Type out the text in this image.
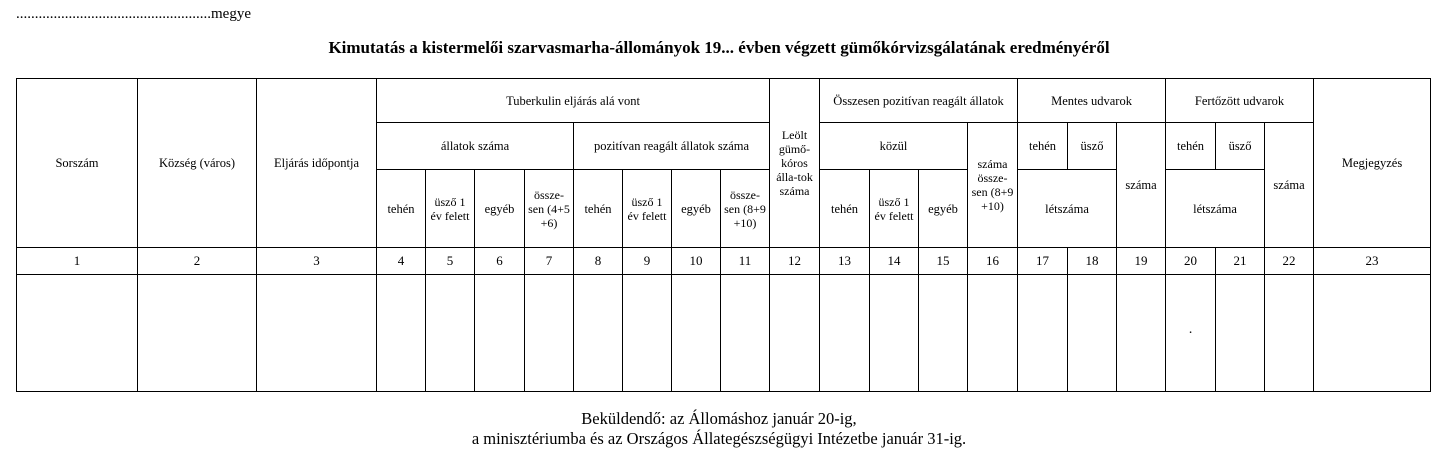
....................................................megye
Kimutatás a kistermelői szarvasmarha-állományok 19... évben végzett gümőkórvizsgálatának eredményéről
Sorszám	Község (város)	Eljárás időpontja	Tuberkulin eljárás alá vont								Leölt gümő-kóros álla-tok száma	Összesen pozitívan reagált állatok				Mentes udvarok			Fertőzött udvarok			Megjegyzés
			állatok száma				pozitívan reagált állatok száma					közül			száma össze-sen (8+9 +10)	tehén	üsző	száma	tehén	üsző	száma	
			tehén	üsző 1 év felett	egyéb	össze-sen (4+5 +6)	tehén	üsző 1 év felett	egyéb	össze-sen (8+9 +10)		tehén	üsző 1 év felett	egyéb		létszáma			létszáma			
1	2	3	4	5	6	7	8	9	10	11	12	13	14	15	16	17	18	19	20	21	22	23
																			·			
Beküldendő: az Állomáshoz január 20-ig,
a minisztériumba és az Országos Állategészségügyi Intézetbe január 31-ig.
